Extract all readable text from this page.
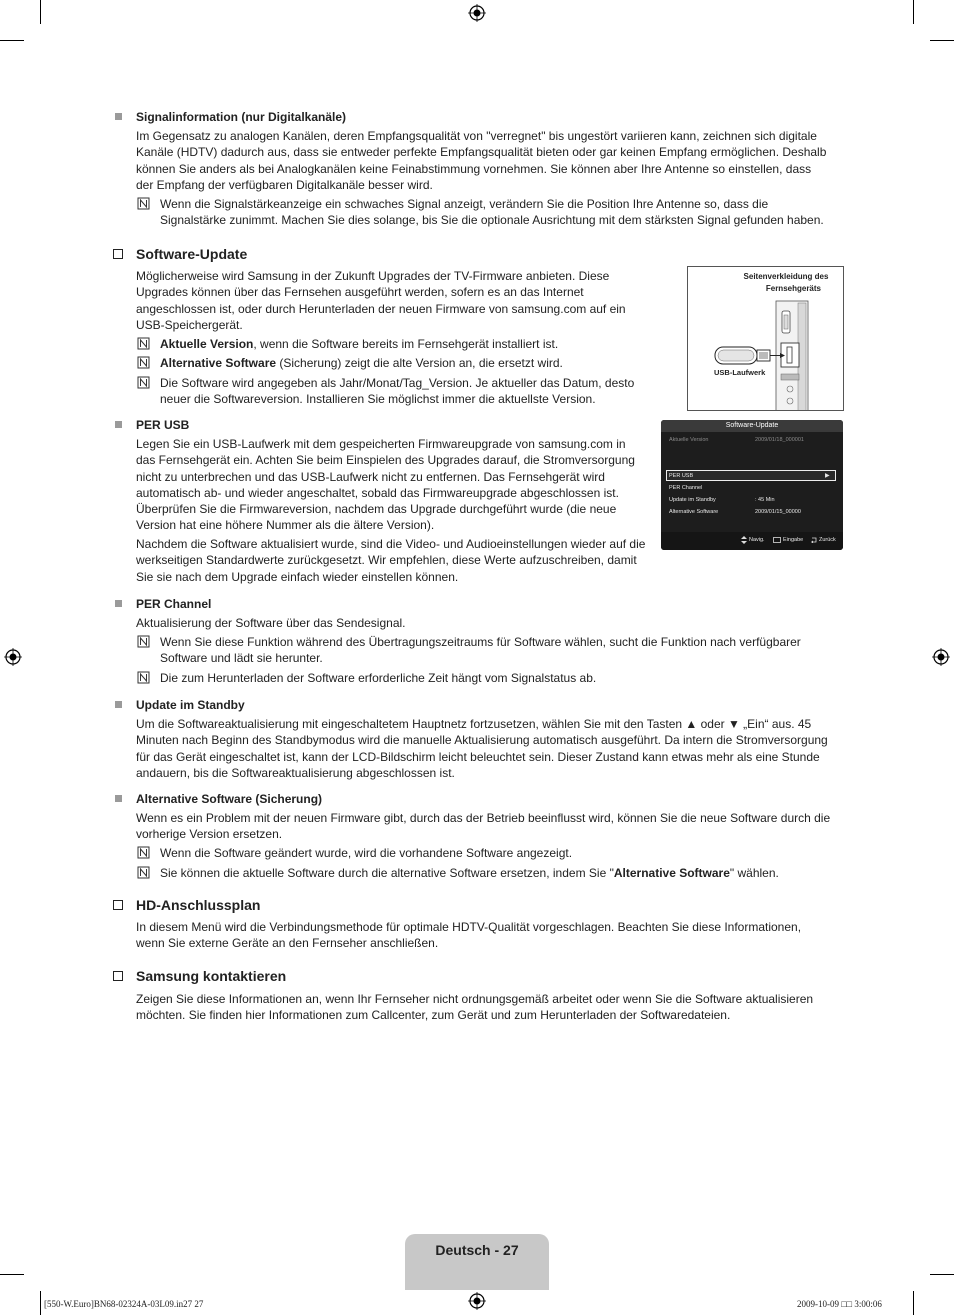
Signalinformation (nur Digitalkanäle)
Im Gegensatz zu analogen Kanälen, deren Empfangsqualität von "verregnet" bis ungestört variieren kann, zeichnen sich digitale
Kanäle (HDTV) dadurch aus, dass sie entweder perfekte Empfangsqualität bieten oder gar keinen Empfang ermöglichen. Deshalb
können Sie anders als bei Analogkanälen keine Feinabstimmung vornehmen. Sie können aber Ihre Antenne so einstellen, dass
der Empfang der verfügbaren Digitalkanäle besser wird.
Wenn die Signalstärkeanzeige ein schwaches Signal anzeigt, verändern Sie die Position Ihre Antenne so, dass die
Signalstärke zunimmt. Machen Sie dies solange, bis Sie die optionale Ausrichtung mit dem stärksten Signal gefunden haben.
Software-Update
Möglicherweise wird Samsung in der Zukunft Upgrades der TV-Firmware anbieten. Diese
Upgrades können über das Fernsehen ausgeführt werden, sofern es an das Internet
angeschlossen ist, oder durch Herunterladen der neuen Firmware von samsung.com auf ein
USB-Speichergerät.
Aktuelle Version, wenn die Software bereits im Fernsehgerät installiert ist.
Alternative Software (Sicherung) zeigt die alte Version an, die ersetzt wird.
Die Software wird angegeben als Jahr/Monat/Tag_Version. Je aktueller das Datum, desto
neuer die Softwareversion. Installieren Sie möglichst immer die aktuellste Version.
Seitenverkleidung des
Fernsehgeräts
USB-Laufwerk
PER USB
Legen Sie ein USB-Laufwerk mit dem gespeicherten Firmwareupgrade von samsung.com in
das Fernsehgerät ein. Achten Sie beim Einspielen des Upgrades darauf, die Stromversorgung
nicht zu unterbrechen und das USB-Laufwerk nicht zu entfernen. Das Fernsehgerät wird
automatisch ab- und wieder angeschaltet, sobald das Firmwareupgrade abgeschlossen ist.
Überprüfen Sie die Firmwareversion, nachdem das Upgrade durchgeführt wurde (die neue
Version hat eine höhere Nummer als die ältere Version).
Nachdem die Software aktualisiert wurde, sind die Video- und Audioeinstellungen wieder auf die
werkseitigen Standardwerte zurückgesetzt. Wir empfehlen, diese Werte aufzuschreiben, damit
Sie sie nach dem Upgrade einfach wieder einstellen können.
Software-Update
Aktuelle Version	2009/01/18_000001
PER USB	▶
PER Channel
Update im Standby	: 45 Min
Alternative Software	2009/01/15_00000
Navig.	Eingabe	Zurück
PER Channel
Aktualisierung der Software über das Sendesignal.
Wenn Sie diese Funktion während des Übertragungszeitraums für Software wählen, sucht die Funktion nach verfügbarer
Software und lädt sie herunter.
Die zum Herunterladen der Software erforderliche Zeit hängt vom Signalstatus ab.
Update im Standby
Um die Softwareaktualisierung mit eingeschaltetem Hauptnetz fortzusetzen, wählen Sie mit den Tasten ▲ oder ▼ „Ein“ aus. 45
Minuten nach Beginn des Standbymodus wird die manuelle Aktualisierung automatisch ausgeführt. Da intern die Stromversorgung
für das Gerät eingeschaltet ist, kann der LCD-Bildschirm leicht beleuchtet sein. Dieser Zustand kann etwas mehr als eine Stunde
andauern, bis die Softwareaktualisierung abgeschlossen ist.
Alternative Software (Sicherung)
Wenn es ein Problem mit der neuen Firmware gibt, durch das der Betrieb beeinflusst wird, können Sie die neue Software durch die
vorherige Version ersetzen.
Wenn die Software geändert wurde, wird die vorhandene Software angezeigt.
Sie können die aktuelle Software durch die alternative Software ersetzen, indem Sie "Alternative Software" wählen.
HD-Anschlussplan
In diesem Menü wird die Verbindungsmethode für optimale HDTV-Qualität vorgeschlagen. Beachten Sie diese Informationen,
wenn Sie externe Geräte an den Fernseher anschließen.
Samsung kontaktieren
Zeigen Sie diese Informationen an, wenn Ihr Fernseher nicht ordnungsgemäß arbeitet oder wenn Sie die Software aktualisieren
möchten. Sie finden hier Informationen zum Callcenter, zum Gerät und zum Herunterladen der Softwaredateien.
Deutsch - 27
[550-W.Euro]BN68-02324A-03L09.in27 27	2009-10-09 □□ 3:00:06
